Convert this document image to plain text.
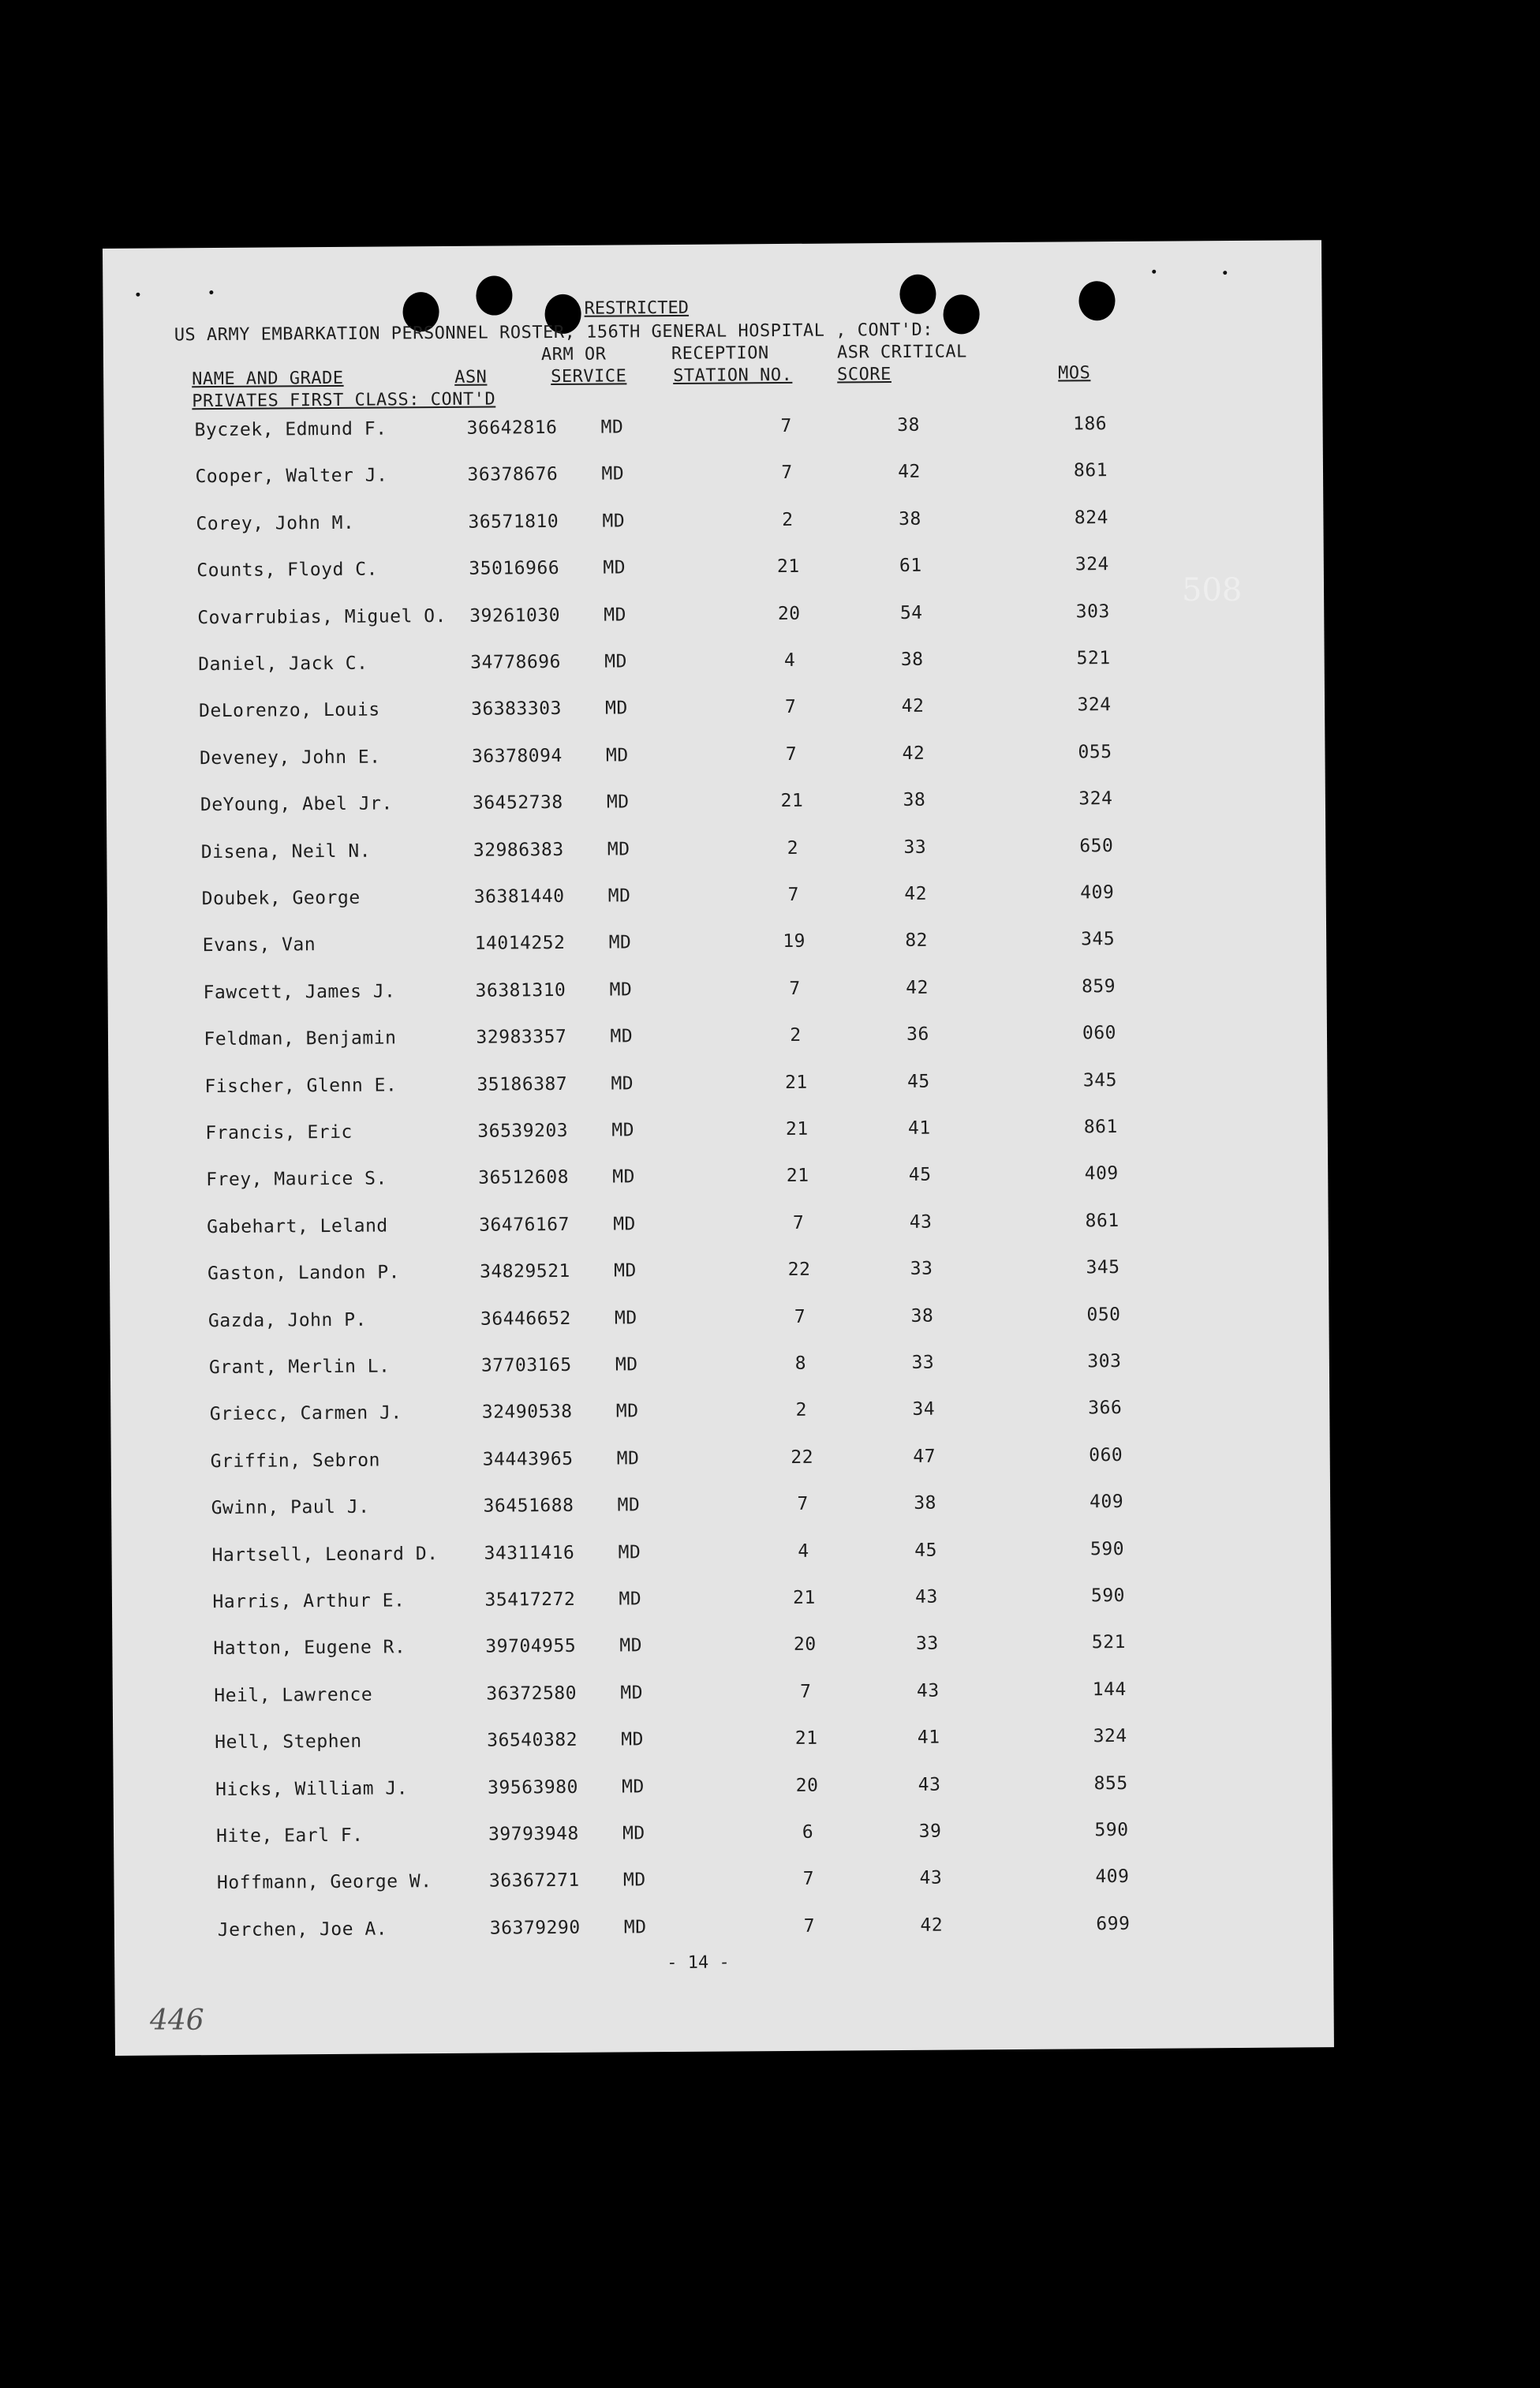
RESTRICTED
US ARMY EMBARKATION PERSONNEL ROSTER, 156TH GENERAL HOSPITAL , CONT'D:
ARM OR	RECEPTION	ASR CRITICAL
NAME AND GRADE	ASN	SERVICE	STATION NO.	SCORE	MOS
PRIVATES FIRST CLASS: CONT'D
Byczek, Edmund F.	36642816 MD	7	38	186
Cooper, Walter J.	36378676 MD	7	42	861
Corey, John M.	36571810 MD	2	38	824
Counts, Floyd C.	35016966 MD	21	61	324
Covarrubias, Miguel O. 39261030 MD	20	54	303
Daniel, Jack C.	34778696 MD	4	38	521
DeLorenzo, Louis	36383303 MD	7	42	324
Deveney, John E.	36378094 MD	7	42	055
DeYoung, Abel Jr.	36452738 MD	21	38	324
Disena, Neil N.	32986383 MD	2	33	650
Doubek, George	36381440 MD	7	42	409
Evans, Van	14014252 MD	19	82	345
Fawcett, James J.	36381310 MD	7	42	859
Feldman, Benjamin	32983357 MD	2	36	060
Fischer, Glenn E.	35186387 MD	21	45	345
Francis, Eric	36539203 MD	21	41	861
Frey, Maurice S.	36512608 MD	21	45	409
Gabehart, Leland	36476167 MD	7	43	861
Gaston, Landon P.	34829521 MD	22	33	345
Gazda, John P.	36446652 MD	7	38	050
Grant, Merlin L.	37703165 MD	8	33	303
Griecc, Carmen J.	32490538 MD	2	34	366
Griffin, Sebron	34443965 MD	22	47	060
Gwinn, Paul J.	36451688 MD	7	38	409
Hartsell, Leonard D.	34311416 MD	4	45	590
Harris, Arthur E.	35417272 MD	21	43	590
Hatton, Eugene R.	39704955 MD	20	33	521
Heil, Lawrence	36372580 MD	7	43	144
Hell, Stephen	36540382 MD	21	41	324
Hicks, William J.	39563980 MD	20	43	855
Hite, Earl F.	39793948 MD	6	39	590
Hoffmann, George W.	36367271 MD	7	43	409
Jerchen, Joe A.	36379290 MD	7	42	699
- 14 -
508
446
